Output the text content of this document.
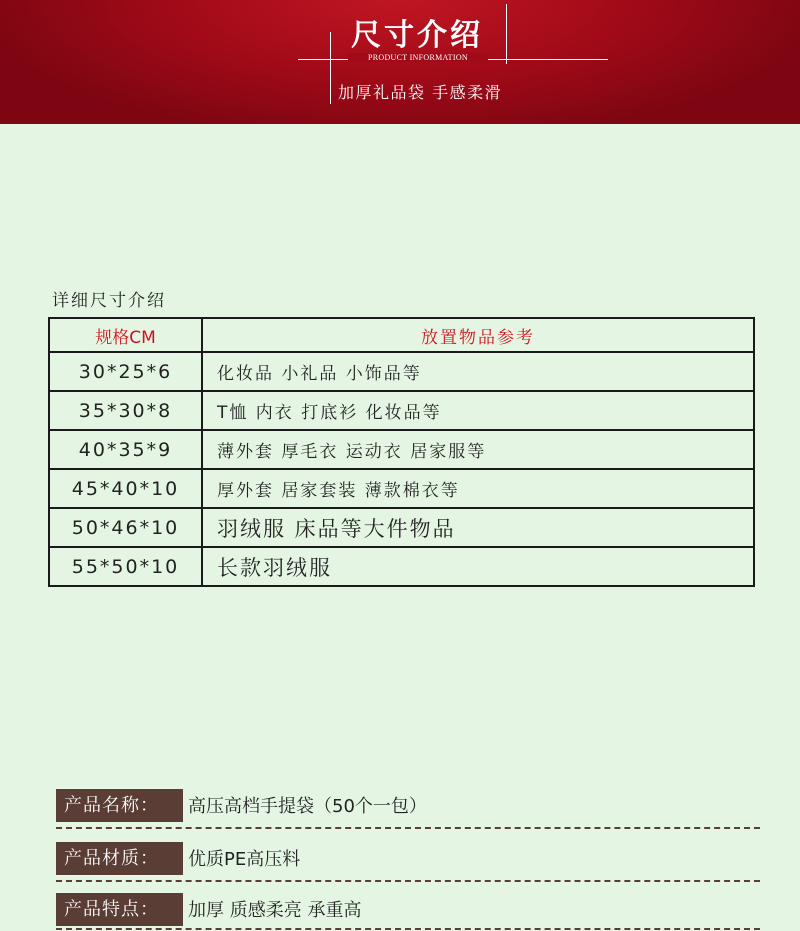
尺寸介绍
PRODUCT INFORMATION
加厚礼品袋 手感柔滑
详细尺寸介绍
规格CM	放置物品参考
30*25*6	化妆品 小礼品 小饰品等
35*30*8	T恤 内衣 打底衫 化妆品等
40*35*9	薄外套 厚毛衣 运动衣 居家服等
45*40*10	厚外套 居家套装 薄款棉衣等
50*46*10	羽绒服 床品等大件物品
55*50*10	长款羽绒服
产品名称：	高压高档手提袋（50个一包）
产品材质：	优质PE高压料
产品特点：	加厚 质感柔亮 承重高
